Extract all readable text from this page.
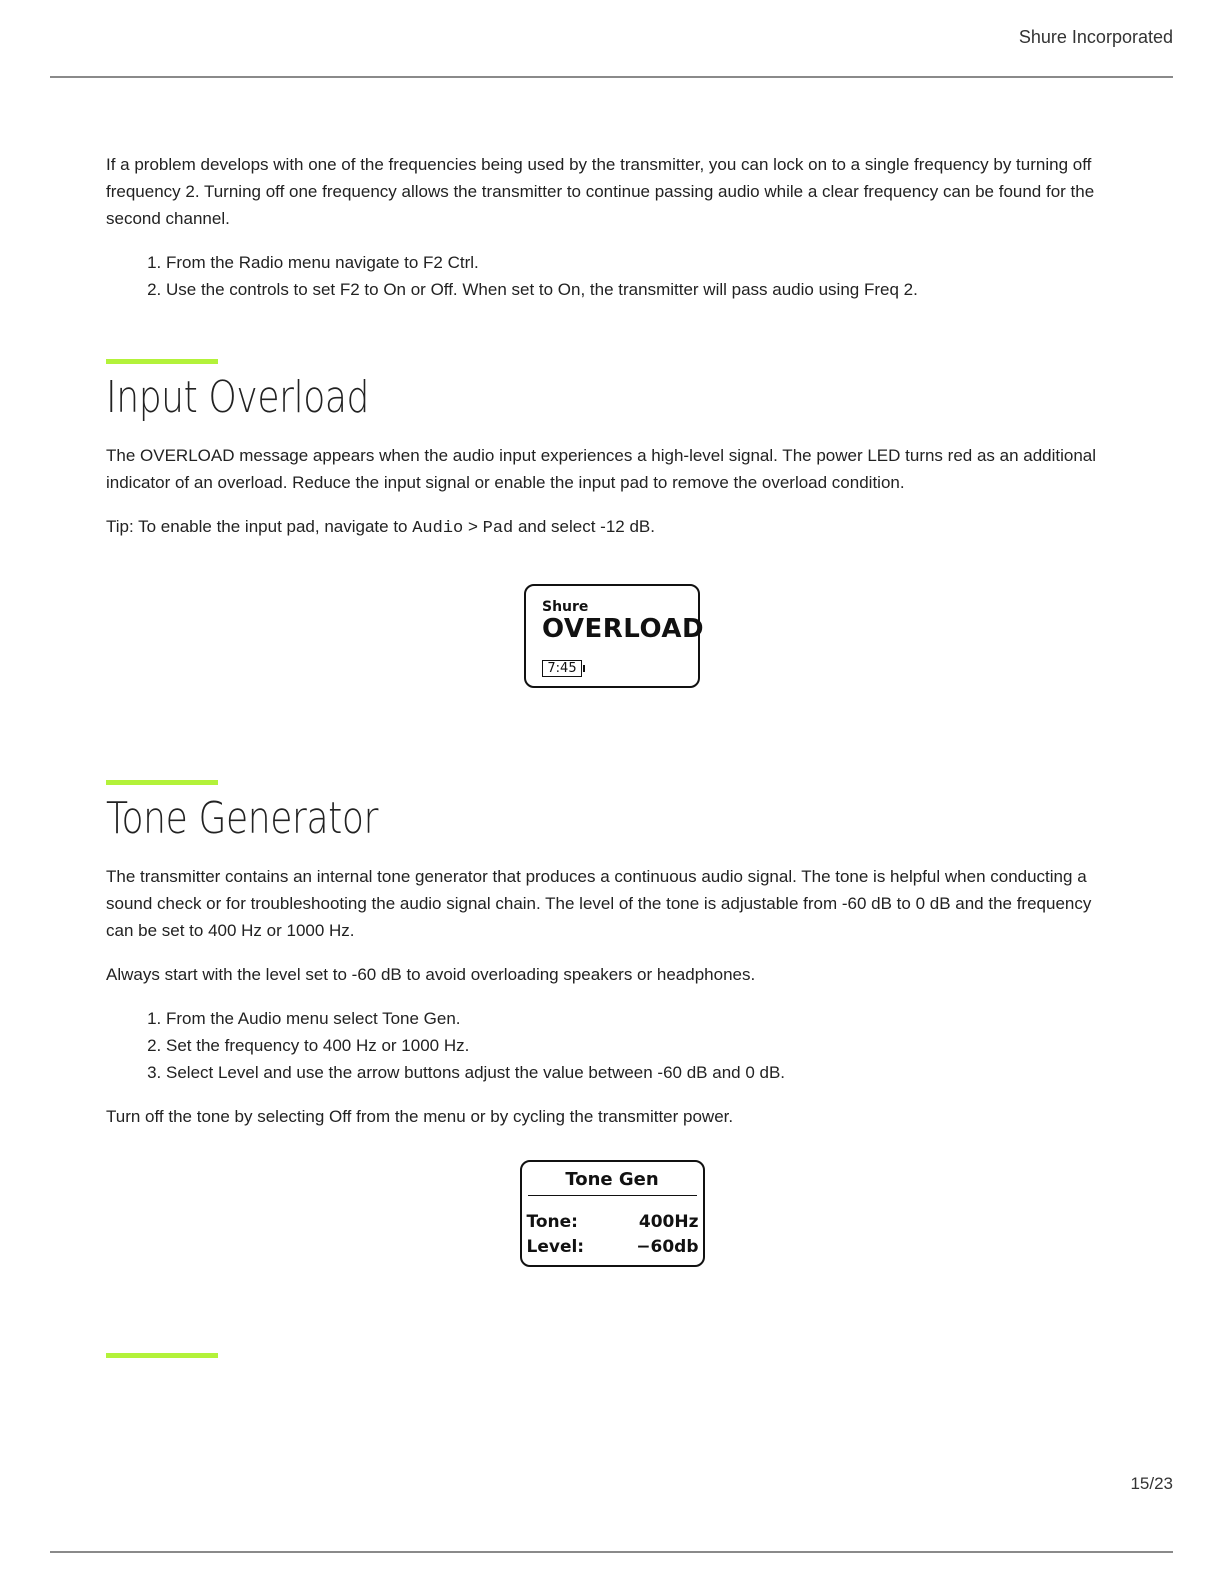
Shure Incorporated

If a problem develops with one of the frequencies being used by the transmitter, you can lock on to a single frequency by turning off frequency 2. Turning off one frequency allows the transmitter to continue passing audio while a clear frequency can be found for the second channel.

1. From the Radio menu navigate to F2 Ctrl.
2. Use the controls to set F2 to On or Off. When set to On, the transmitter will pass audio using Freq 2.
Input Overload

The OVERLOAD message appears when the audio input experiences a high-level signal. The power LED turns red as an additional indicator of an overload. Reduce the input signal or enable the input pad to remove the overload condition.

Tip: To enable the input pad, navigate to Audio > Pad and select -12 dB.

Shure
OVERLOAD
7:45
Tone Generator

The transmitter contains an internal tone generator that produces a continuous audio signal. The tone is helpful when conducting a sound check or for troubleshooting the audio signal chain. The level of the tone is adjustable from -60 dB to 0 dB and the frequency can be set to 400 Hz or 1000 Hz.

Always start with the level set to -60 dB to avoid overloading speakers or headphones.

1. From the Audio menu select Tone Gen.
2. Set the frequency to 400 Hz or 1000 Hz.
3. Select Level and use the arrow buttons adjust the value between -60 dB and 0 dB.

Turn off the tone by selecting Off from the menu or by cycling the transmitter power.

Tone Gen
Tone:	400Hz
Level:	−60db
15/23
